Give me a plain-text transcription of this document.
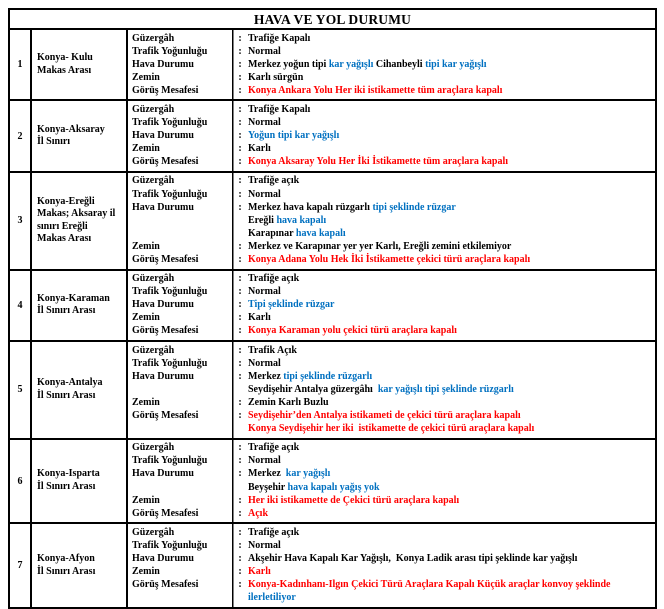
HAVA VE YOL DURUMU
1
Konya- Kulu
Makas Arası
Güzergâh	: Trafiğe Kapalı
Trafik Yoğunluğu	: Normal
Hava Durumu	: Merkez yoğun tipi kar yağışlı Cihanbeyli tipi kar yağışlı
Zemin	: Karlı sürgün
Görüş Mesafesi	: Konya Ankara Yolu Her iki istikamette tüm araçlara kapalı
2
Konya-Aksaray
İl Sınırı
Güzergâh	: Trafiğe Kapalı
Trafik Yoğunluğu	: Normal
Hava Durumu	: Yoğun tipi kar yağışlı
Zemin	: Karlı
Görüş Mesafesi	: Konya Aksaray Yolu Her İki İstikamette tüm araçlara kapalı
3
Konya-Ereğli
Makas; Aksaray il
sınırı Ereğli
Makas Arası
Güzergâh	: Trafiğe açık
Trafik Yoğunluğu	: Normal
Hava Durumu	: Merkez hava kapalı rüzgarlı tipi şeklinde rüzgar
Ereğli hava kapalı
Karapınar hava kapalı
Zemin	: Merkez ve Karapınar yer yer Karlı, Ereğli zemini etkilemiyor
Görüş Mesafesi	: Konya Adana Yolu Hek İki İstikamette çekici türü araçlara kapalı
4
Konya-Karaman
İl Sınırı Arası
Güzergâh	: Trafiğe açık
Trafik Yoğunluğu	: Normal
Hava Durumu	: Tipi şeklinde rüzgar
Zemin	: Karlı
Görüş Mesafesi	: Konya Karaman yolu çekici türü araçlara kapalı
5
Konya-Antalya
İl Sınırı Arası
Güzergâh	: Trafik Açık
Trafik Yoğunluğu	: Normal
Hava Durumu	: Merkez tipi şeklinde rüzgarlı
Seydişehir Antalya güzergâhı  kar yağışlı tipi şeklinde rüzgarlı
Zemin	: Zemin Karlı Buzlu
Görüş Mesafesi	: Seydişehir’den Antalya istikameti de çekici türü araçlara kapalı
Konya Seydişehir her iki  istikamette de çekici türü araçlara kapalı
6
Konya-Isparta
İl Sınırı Arası
Güzergâh	: Trafiğe açık
Trafik Yoğunluğu	: Normal
Hava Durumu	: Merkez  kar yağışlı
Beyşehir hava kapalı yağış yok
Zemin	: Her iki istikamette de Çekici türü araçlara kapalı
Görüş Mesafesi	: Açık
7
Konya-Afyon
İl Sınırı Arası
Güzergâh	: Trafiğe açık
Trafik Yoğunluğu	: Normal
Hava Durumu	: Akşehir Hava Kapalı Kar Yağışlı,  Konya Ladik arası tipi şeklinde kar yağışlı
Zemin	: Karlı
Görüş Mesafesi	: Konya-Kadınhanı-Ilgın Çekici Türü Araçlara Kapalı Küçük araçlar konvoy şeklinde
ilerletiliyor
